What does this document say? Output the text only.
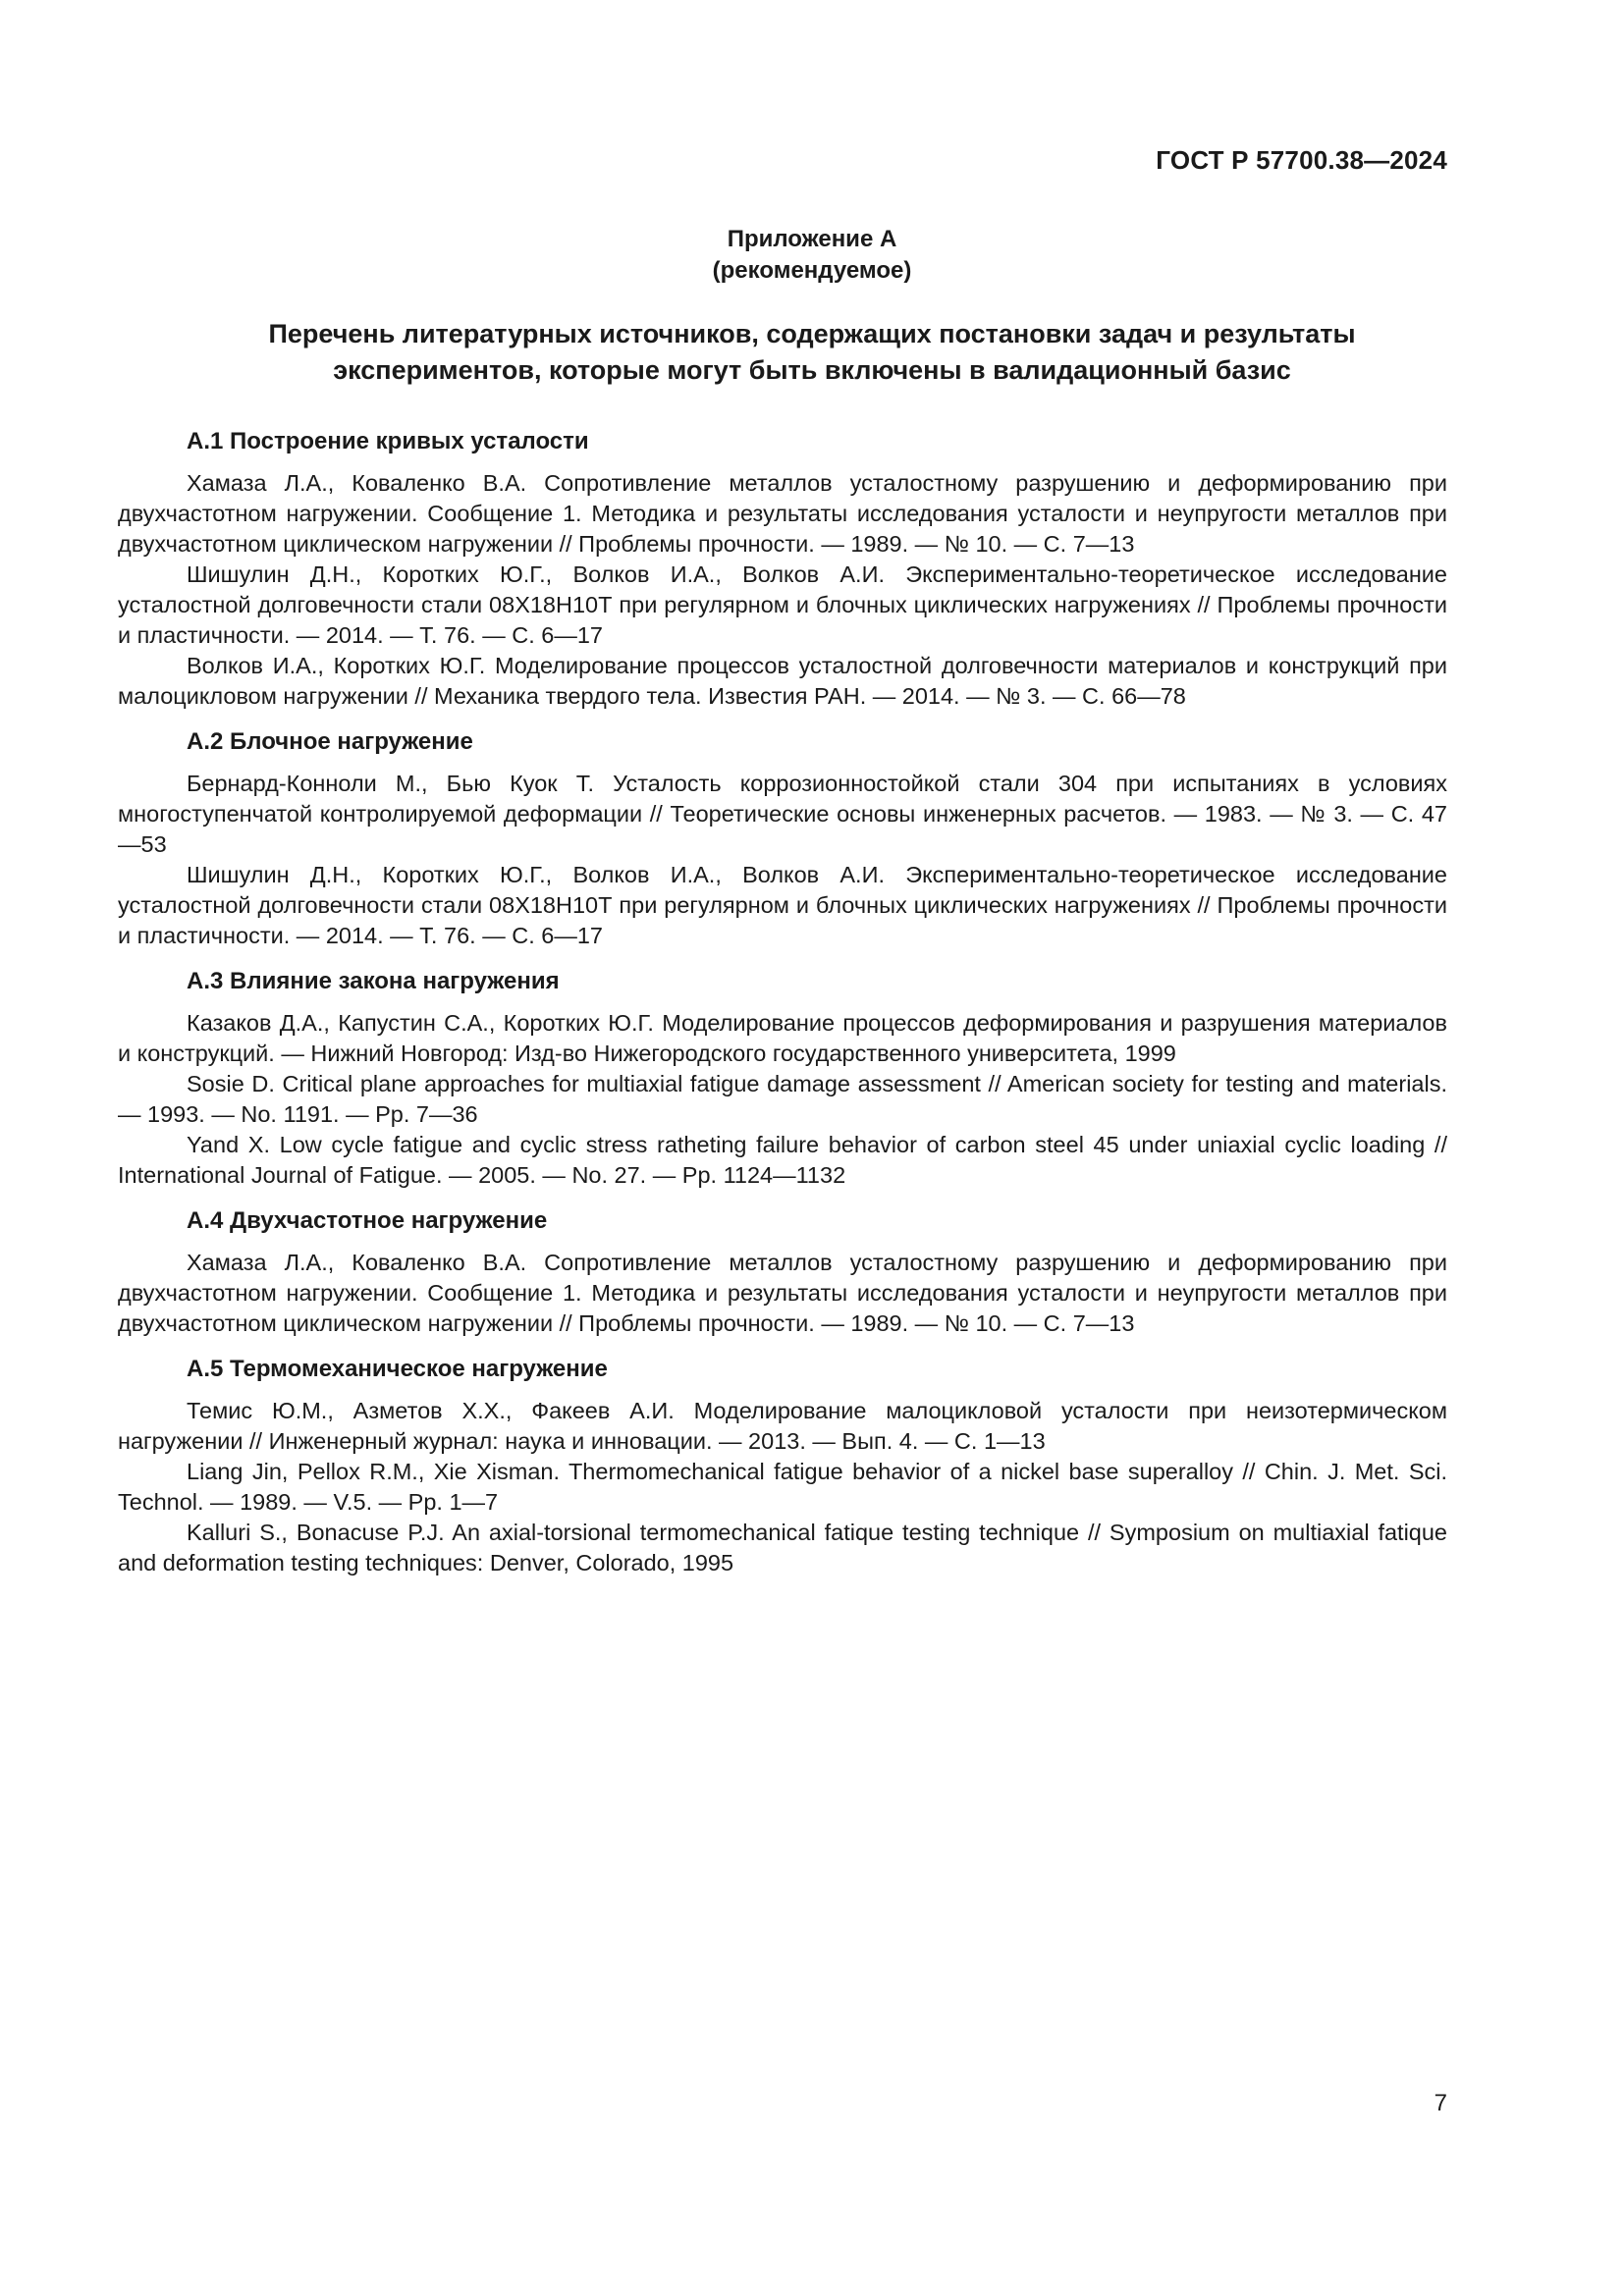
ГОСТ Р 57700.38—2024
Приложение А
(рекомендуемое)
Перечень литературных источников, содержащих постановки задач и результаты
экспериментов, которые могут быть включены в валидационный базис
А.1 Построение кривых усталости

Хамаза Л.А., Коваленко В.А. Сопротивление металлов усталостному разрушению и деформированию при двухчастотном нагружении. Сообщение 1. Методика и результаты исследования усталости и неупругости металлов при двухчастотном циклическом нагружении // Проблемы прочности. — 1989. — № 10. — С. 7—13

Шишулин Д.Н., Коротких Ю.Г., Волков И.А., Волков А.И. Экспериментально-теоретическое исследование усталостной долговечности стали 08Х18Н10Т при регулярном и блочных циклических нагружениях // Проблемы прочности и пластичности. — 2014. — Т. 76. — С. 6—17

Волков И.А., Коротких Ю.Г. Моделирование процессов усталостной долговечности материалов и конструкций при малоцикловом нагружении // Механика твердого тела. Известия РАН. — 2014. — № 3. — С. 66—78

А.2 Блочное нагружение

Бернард-Конноли М., Бью Куок Т. Усталость коррозионностойкой стали 304 при испытаниях в условиях многоступенчатой контролируемой деформации // Теоретические основы инженерных расчетов. — 1983. — № 3. — С. 47—53

Шишулин Д.Н., Коротких Ю.Г., Волков И.А., Волков А.И. Экспериментально-теоретическое исследование усталостной долговечности стали 08Х18Н10Т при регулярном и блочных циклических нагружениях // Проблемы прочности и пластичности. — 2014. — Т. 76. — С. 6—17

А.3 Влияние закона нагружения

Казаков Д.А., Капустин С.А., Коротких Ю.Г. Моделирование процессов деформирования и разрушения материалов и конструкций. — Нижний Новгород: Изд-во Нижегородского государственного университета, 1999

Sosie D. Critical plane approaches for multiaxial fatigue damage assessment // American society for testing and materials. — 1993. — No. 1191. — Pp. 7—36

Yand X. Low cycle fatigue and cyclic stress ratheting failure behavior of carbon steel 45 under uniaxial cyclic loading // International Journal of Fatigue. — 2005. — No. 27. — Pp. 1124—1132

А.4 Двухчастотное нагружение

Хамаза Л.А., Коваленко В.А. Сопротивление металлов усталостному разрушению и деформированию при двухчастотном нагружении. Сообщение 1. Методика и результаты исследования усталости и неупругости металлов при двухчастотном циклическом нагружении // Проблемы прочности. — 1989. — № 10. — С. 7—13

А.5 Термомеханическое нагружение

Темис Ю.М., Азметов Х.Х., Факеев А.И. Моделирование малоцикловой усталости при неизотермическом нагружении // Инженерный журнал: наука и инновации. — 2013. — Вып. 4. — С. 1—13

Liang Jin, Pellox R.M., Xie Xisman. Thermomechanical fatigue behavior of a nickel base superalloy // Chin. J. Met. Sci. Technol. — 1989. — V.5. — Pp. 1—7

Kalluri S., Bonacuse P.J. An axial-torsional termomechanical fatique testing technique // Symposium on multiaxial fatique and deformation testing techniques: Denver, Colorado, 1995

7
